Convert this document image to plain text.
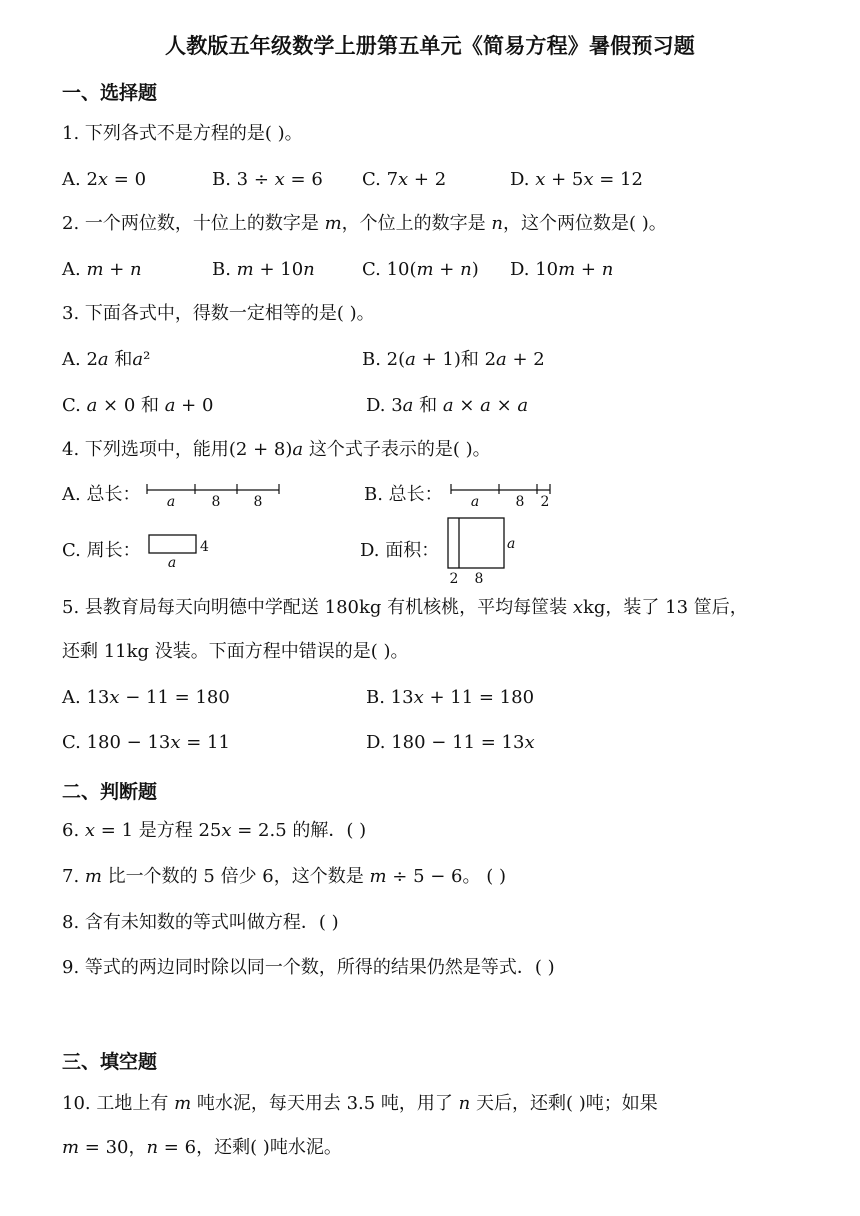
人教版五年级数学上册第五单元《简易方程》暑假预习题
一、选择题
1. 下列各式不是方程的是( )。
A. 2𝑥 = 0	B. 3 ÷ 𝑥 = 6 C. 7𝑥 + 2	D. 𝑥 + 5𝑥 = 12
2. 一个两位数，十位上的数字是 𝑚，个位上的数字是 𝑛，这个两位数是( )。
A. 𝑚 + 𝑛	B. 𝑚 + 10𝑛	C. 10(𝑚 + 𝑛) D. 10𝑚 + 𝑛
3. 下面各式中，得数一定相等的是( )。
A. 2𝑎 和𝑎²	B. 2(𝑎 + 1)和 2𝑎 + 2
C. 𝑎 × 0 和 𝑎 + 0	D. 3𝑎 和 𝑎 × 𝑎 × 𝑎
4. 下列选项中，能用(2 + 8)𝑎 这个式子表示的是( )。
A. 总长： a	8 8	B. 总长： a	8 2
C. 周长：	4
a
D. 面积：	a
2 8
5. 县教育局每天向明德中学配送 180kg 有机核桃，平均每筐装 𝑥kg，装了 13 筐后，
还剩 11kg 没装。下面方程中错误的是( )。
A. 13𝑥 − 11 = 180	B. 13𝑥 + 11 = 180
C. 180 − 13𝑥 = 11	D. 180 − 11 = 13𝑥
二、判断题
6. 𝑥 = 1 是方程 25𝑥 = 2.5 的解．( )
7. 𝑚 比一个数的 5 倍少 6，这个数是 𝑚 ÷ 5 − 6。 ( )
8. 含有未知数的等式叫做方程．( )
9. 等式的两边同时除以同一个数，所得的结果仍然是等式．( )
三、填空题
10. 工地上有 𝑚 吨水泥，每天用去 3.5 吨，用了 𝑛 天后，还剩( )吨；如果
𝑚 = 30，𝑛 = 6，还剩( )吨水泥。
